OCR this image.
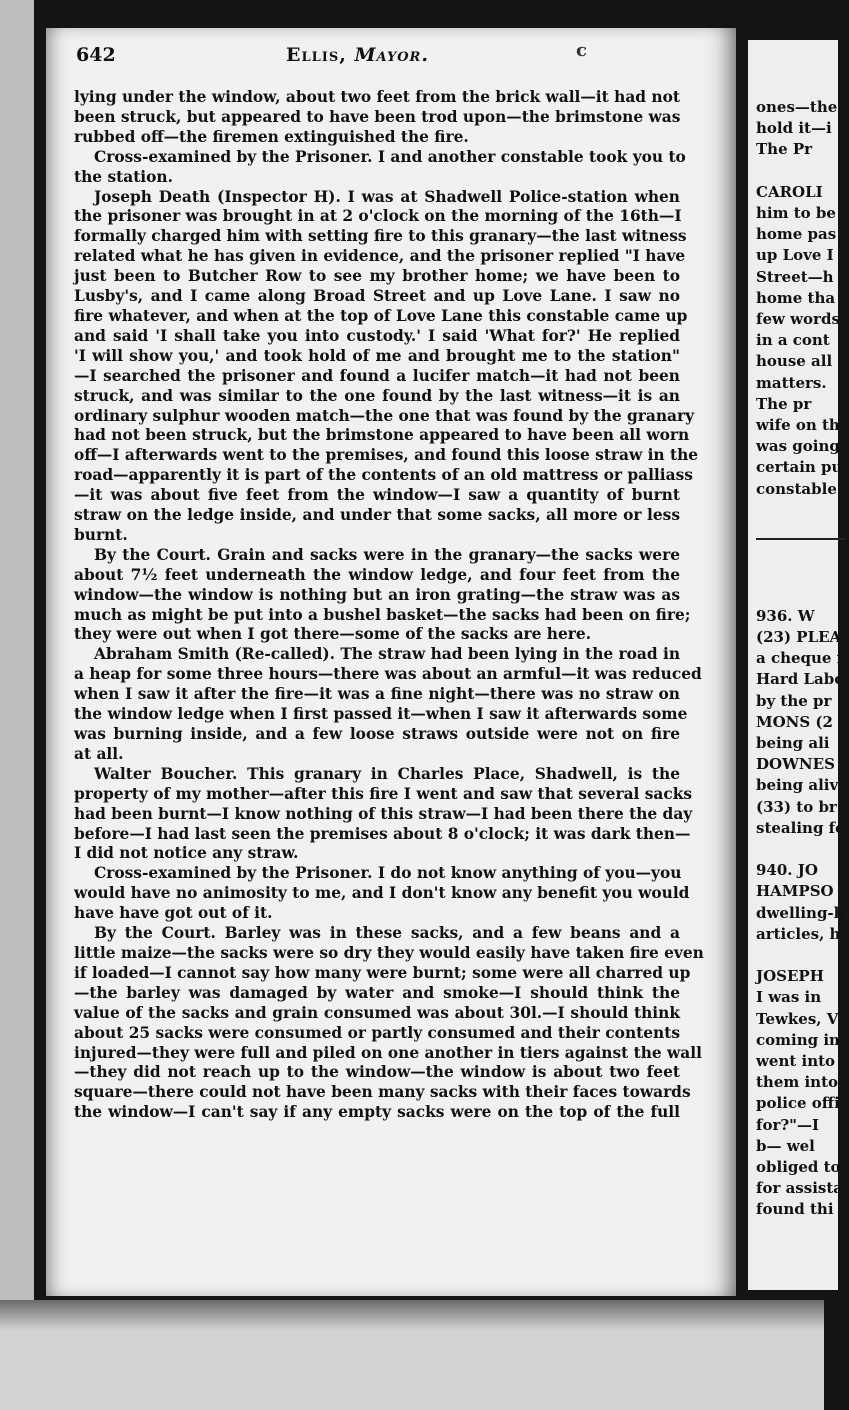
ones—the
hold it—i
The Pr
CAROLI
him to be
home pas
up Love I
Street—h
home tha
few words
in a cont
house all
matters.
The pr
wife on th
was going
certain pu
constable t
936. W
(23) PLEA
a cheque f
Hard Labo
by the pr
MONS (2
being ali
DOWNES
being aliv
(33) to br
stealing fo
940. JO
HAMPSO
dwelling-h
articles, h
JOSEPH
I was in
Tewkes, V
coming in
went into
them into
police offic
for?"—I
b— wel
obliged to
for assista
found thi
642	Ellis, Mayor.	c
lying under the window, about two feet from the brick wall—it had not
been struck, but appeared to have been trod upon—the brimstone was
rubbed off—the firemen extinguished the fire.
Cross-examined by the Prisoner. I and another constable took you to
the station.
Joseph Death (Inspector H). I was at Shadwell Police-station when
the prisoner was brought in at 2 o'clock on the morning of the 16th—I
formally charged him with setting fire to this granary—the last witness
related what he has given in evidence, and the prisoner replied "I have
just been to Butcher Row to see my brother home; we have been to
Lusby's, and I came along Broad Street and up Love Lane. I saw no
fire whatever, and when at the top of Love Lane this constable came up
and said 'I shall take you into custody.' I said 'What for?' He replied
'I will show you,' and took hold of me and brought me to the station"
—I searched the prisoner and found a lucifer match—it had not been
struck, and was similar to the one found by the last witness—it is an
ordinary sulphur wooden match—the one that was found by the granary
had not been struck, but the brimstone appeared to have been all worn
off—I afterwards went to the premises, and found this loose straw in the
road—apparently it is part of the contents of an old mattress or palliass
—it was about five feet from the window—I saw a quantity of burnt
straw on the ledge inside, and under that some sacks, all more or less
burnt.
By the Court. Grain and sacks were in the granary—the sacks were
about 7½ feet underneath the window ledge, and four feet from the
window—the window is nothing but an iron grating—the straw was as
much as might be put into a bushel basket—the sacks had been on fire;
they were out when I got there—some of the sacks are here.
Abraham Smith (Re-called). The straw had been lying in the road in
a heap for some three hours—there was about an armful—it was reduced
when I saw it after the fire—it was a fine night—there was no straw on
the window ledge when I first passed it—when I saw it afterwards some
was burning inside, and a few loose straws outside were not on fire
at all.
Walter Boucher. This granary in Charles Place, Shadwell, is the
property of my mother—after this fire I went and saw that several sacks
had been burnt—I know nothing of this straw—I had been there the day
before—I had last seen the premises about 8 o'clock; it was dark then—
I did not notice any straw.
Cross-examined by the Prisoner. I do not know anything of you—you
would have no animosity to me, and I don't know any benefit you would
have have got out of it.
By the Court. Barley was in these sacks, and a few beans and a
little maize—the sacks were so dry they would easily have taken fire even
if loaded—I cannot say how many were burnt; some were all charred up
—the barley was damaged by water and smoke—I should think the
value of the sacks and grain consumed was about 30l.—I should think
about 25 sacks were consumed or partly consumed and their contents
injured—they were full and piled on one another in tiers against the wall
—they did not reach up to the window—the window is about two feet
square—there could not have been many sacks with their faces towards
the window—I can't say if any empty sacks were on the top of the full
